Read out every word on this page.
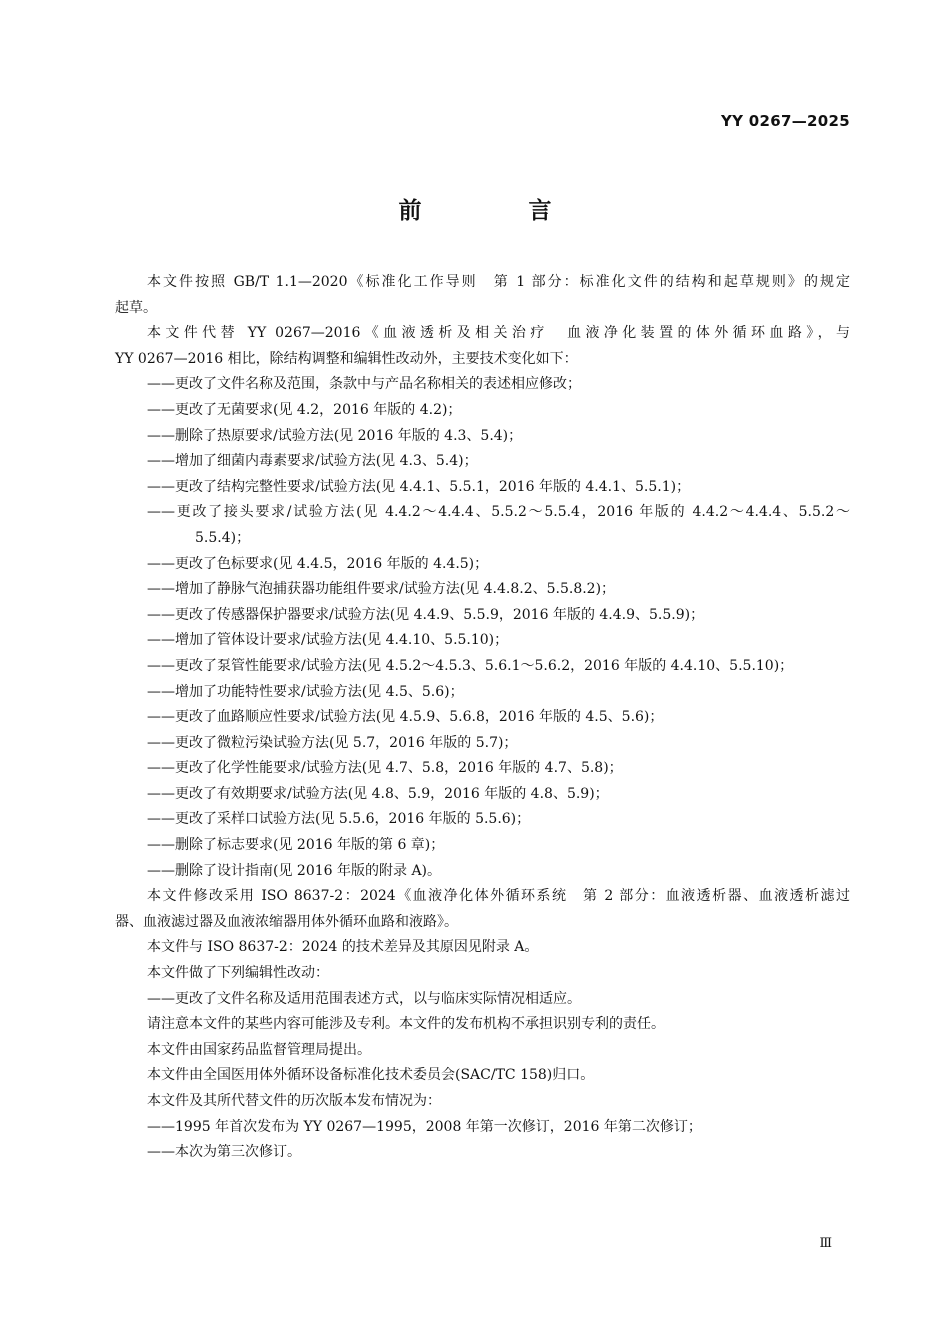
YY 0267—2025
前　言

本文件按照 GB/T 1.1—2020《标准化工作导则　第 1 部分：标准化文件的结构和起草规则》的规定

起草。

本文件代替 YY 0267—2016《血液透析及相关治疗　血液净化装置的体外循环血路》，与

YY 0267—2016 相比，除结构调整和编辑性改动外，主要技术变化如下：

——更改了文件名称及范围，条款中与产品名称相关的表述相应修改；

——更改了无菌要求(见 4.2，2016 年版的 4.2)；

——删除了热原要求/试验方法(见 2016 年版的 4.3、5.4)；

——增加了细菌内毒素要求/试验方法(见 4.3、5.4)；

——更改了结构完整性要求/试验方法(见 4.4.1、5.5.1，2016 年版的 4.4.1、5.5.1)；

——更改了接头要求/试验方法(见 4.4.2～4.4.4、5.5.2～5.5.4，2016 年版的 4.4.2～4.4.4、5.5.2～

5.5.4)；

——更改了色标要求(见 4.4.5，2016 年版的 4.4.5)；

——增加了静脉气泡捕获器功能组件要求/试验方法(见 4.4.8.2、5.5.8.2)；

——更改了传感器保护器要求/试验方法(见 4.4.9、5.5.9，2016 年版的 4.4.9、5.5.9)；

——增加了管体设计要求/试验方法(见 4.4.10、5.5.10)；

——更改了泵管性能要求/试验方法(见 4.5.2～4.5.3、5.6.1～5.6.2，2016 年版的 4.4.10、5.5.10)；

——增加了功能特性要求/试验方法(见 4.5、5.6)；

——更改了血路顺应性要求/试验方法(见 4.5.9、5.6.8，2016 年版的 4.5、5.6)；

——更改了微粒污染试验方法(见 5.7，2016 年版的 5.7)；

——更改了化学性能要求/试验方法(见 4.7、5.8，2016 年版的 4.7、5.8)；

——更改了有效期要求/试验方法(见 4.8、5.9，2016 年版的 4.8、5.9)；

——更改了采样口试验方法(见 5.5.6，2016 年版的 5.5.6)；

——删除了标志要求(见 2016 年版的第 6 章)；

——删除了设计指南(见 2016 年版的附录 A)。

本文件修改采用 ISO 8637-2：2024《血液净化体外循环系统　第 2 部分：血液透析器、血液透析滤过

器、血液滤过器及血液浓缩器用体外循环血路和液路》。

本文件与 ISO 8637-2：2024 的技术差异及其原因见附录 A。

本文件做了下列编辑性改动：

——更改了文件名称及适用范围表述方式，以与临床实际情况相适应。

请注意本文件的某些内容可能涉及专利。本文件的发布机构不承担识别专利的责任。

本文件由国家药品监督管理局提出。

本文件由全国医用体外循环设备标准化技术委员会(SAC/TC 158)归口。

本文件及其所代替文件的历次版本发布情况为：

——1995 年首次发布为 YY 0267—1995，2008 年第一次修订，2016 年第二次修订；

——本次为第三次修订。

Ⅲ
